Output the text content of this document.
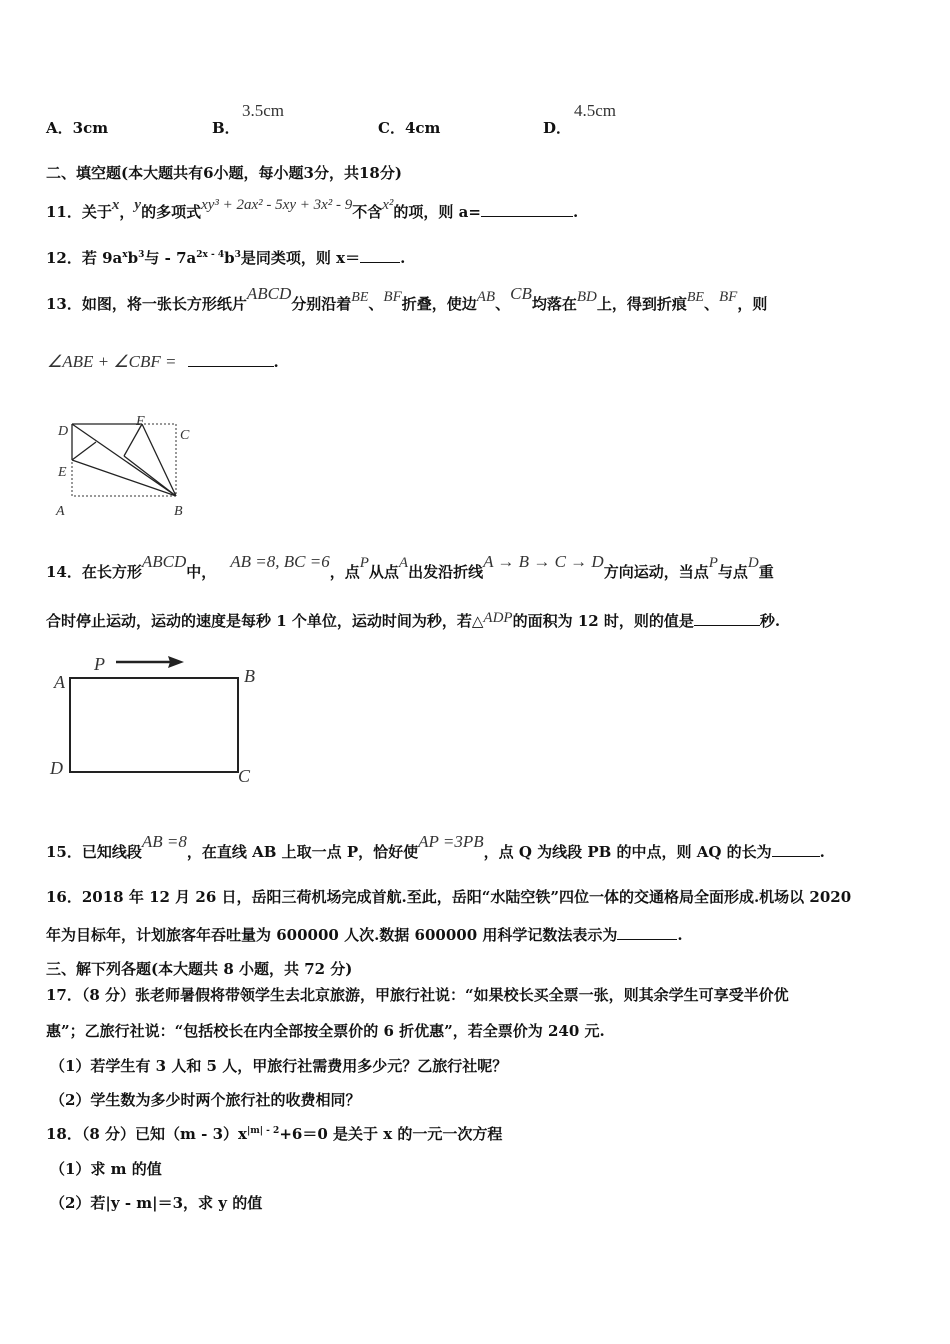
A．3cm	B．
3.5cm
C．4cm	D．
4.5cm
二、填空题(本大题共有6小题，每小题3分，共18分)
11．关于x，y的多项式xy³ + 2ax² - 5xy + 3x² - 9不含x²的项，则 a=	.
12．若 $9a^xb^3$与 - $7a^{2x - 4}b^3$是同类项，则 x＝	.
13．如图，将一张长方形纸片ABCD分别沿着BE、BF折叠，使边AB、CB均落在BD上，得到折痕BE、BF，则
∠ABE + ∠CBF =	.
D
F
C
E
A	B
14．在长方形ABCD中，AB =8, BC =6，点P从点A出发沿折线A → B → C → D方向运动，当点P与点D重
合时停止运动，运动的速度是每秒 1 个单位，运动时间为秒，若△ADP的面积为 12 时，则的值是	秒.
P
A	B
D	C
15．已知线段AB =8，在直线 AB 上取一点 P，恰好使AP =3PB，点 Q 为线段 PB 的中点，则 AQ 的长为	.
16．2018 年 12 月 26 日，岳阳三荷机场完成首航.至此，岳阳“水陆空铁”四位一体的交通格局全面形成.机场以 2020
年为目标年，计划旅客年吞吐量为 600000 人次.数据 600000 用科学记数法表示为	.
三、解下列各题(本大题共 8 小题，共 72 分)
17．（8 分）张老师暑假将带领学生去北京旅游，甲旅行社说：“如果校长买全票一张，则其余学生可享受半价优
惠”；乙旅行社说：“包括校长在内全部按全票价的 6 折优惠”，若全票价为 240 元.
（1）若学生有 3 人和 5 人，甲旅行社需费用多少元？乙旅行社呢？
（2）学生数为多少时两个旅行社的收费相同？
18．（8 分）已知$(m - 3)x^{|m| - 2}+6=0$ 是关于 x 的一元一次方程
（1）求 m 的值
（2）若|y - m|＝3，求 y 的值
